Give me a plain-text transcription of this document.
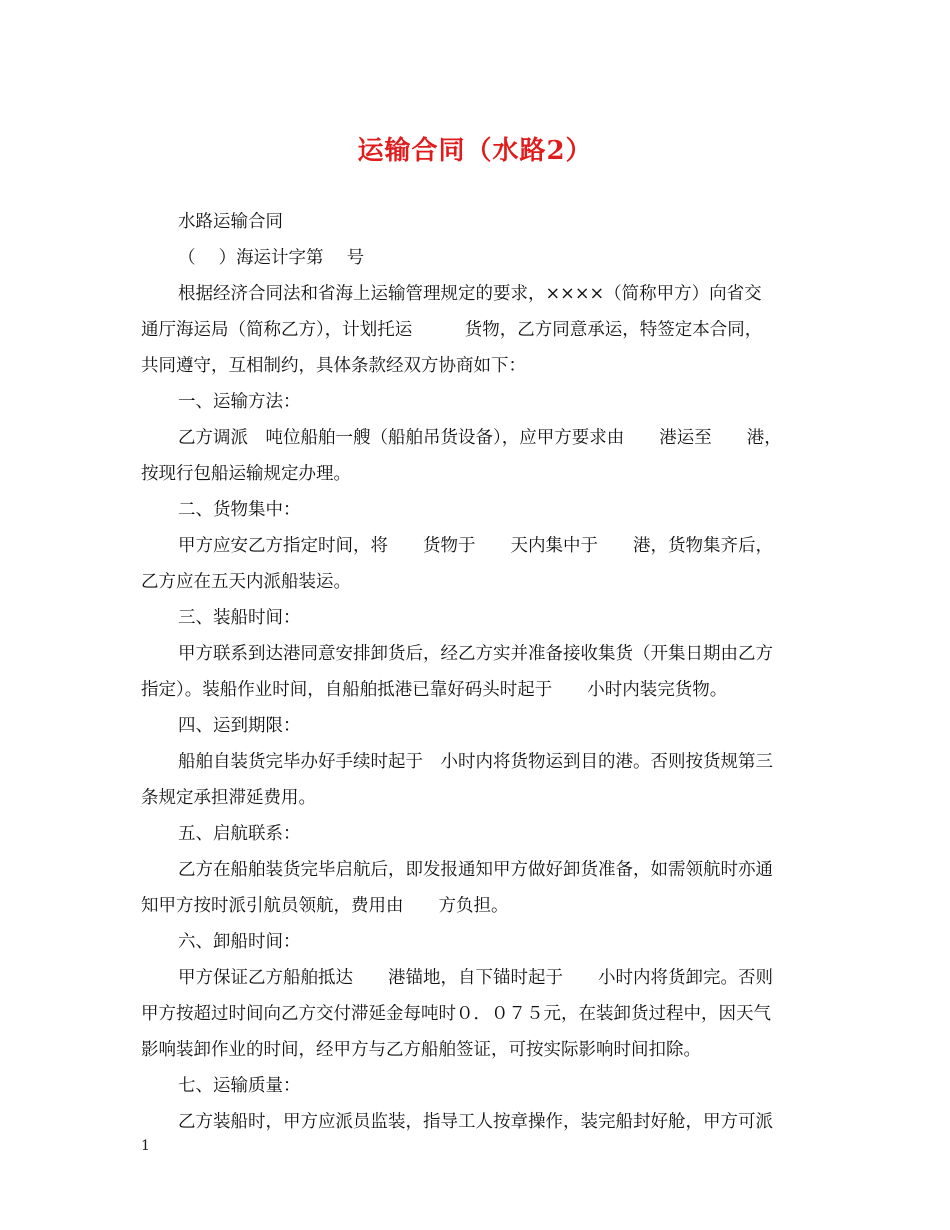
运输合同（水路2）
水路运输合同
（　 ）海运计字第　 号
根据经济合同法和省海上运输管理规定的要求，××××（简称甲方）向省交
通厅海运局（简称乙方），计划托运　　　货物，乙方同意承运，特签定本合同，
共同遵守，互相制约，具体条款经双方协商如下：
一、运输方法：
乙方调派　吨位船舶一艘（船舶吊货设备），应甲方要求由　　港运至　　港，
按现行包船运输规定办理。
二、货物集中：
甲方应安乙方指定时间，将　　货物于　　天内集中于　　港，货物集齐后，
乙方应在五天内派船装运。
三、装船时间：
甲方联系到达港同意安排卸货后，经乙方实并准备接收集货（开集日期由乙方
指定）。装船作业时间，自船舶抵港已靠好码头时起于　　小时内装完货物。
四、运到期限：
船舶自装货完毕办好手续时起于　小时内将货物运到目的港。否则按货规第三
条规定承担滞延费用。
五、启航联系：
乙方在船舶装货完毕启航后，即发报通知甲方做好卸货准备，如需领航时亦通
知甲方按时派引航员领航，费用由　　方负担。
六、卸船时间：
甲方保证乙方船舶抵达　　港锚地，自下锚时起于　　小时内将货卸完。否则
甲方按超过时间向乙方交付滞延金每吨时０．０７５元，在装卸货过程中，因天气
影响装卸作业的时间，经甲方与乙方船舶签证，可按实际影响时间扣除。
七、运输质量：
乙方装船时，甲方应派员监装，指导工人按章操作，装完船封好舱，甲方可派
1
